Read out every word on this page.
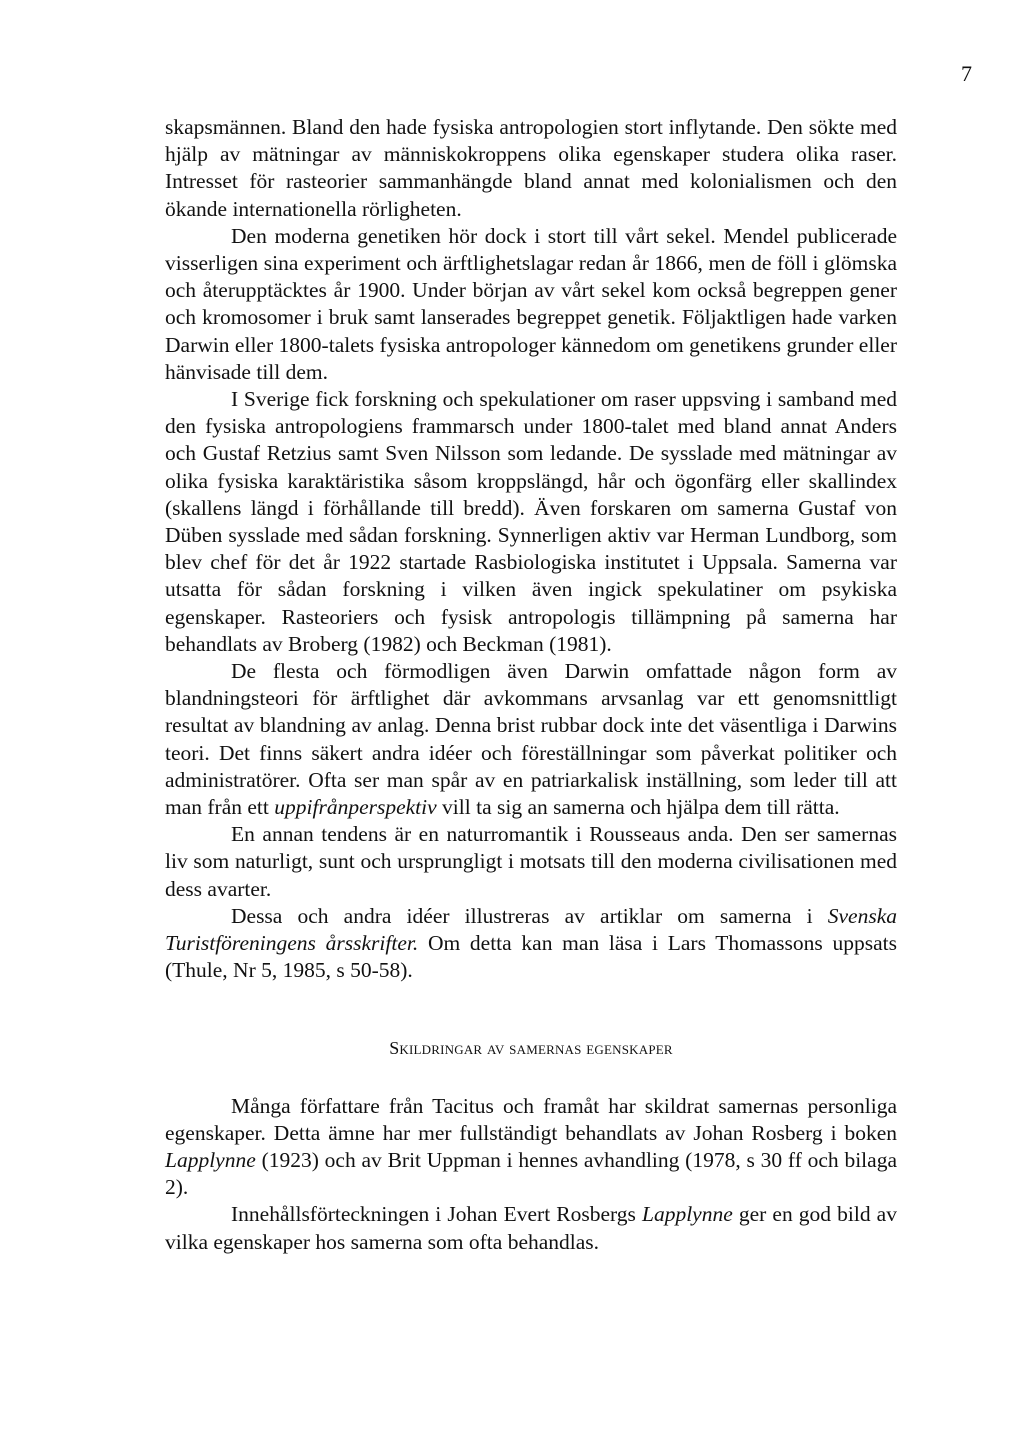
7

skapsmännen. Bland den hade fysiska antropologien stort inflytande. Den sökte med hjälp av mätningar av människokroppens olika egenskaper studera olika raser. Intresset för rasteorier sammanhängde bland annat med kolonialismen och den ökande internationella rörligheten.

Den moderna genetiken hör dock i stort till vårt sekel. Mendel publicerade visserligen sina experiment och ärftlighetslagar redan år 1866, men de föll i glömska och återupptäcktes år 1900. Under början av vårt sekel kom också begreppen gener och kromosomer i bruk samt lanserades begreppet genetik. Följaktligen hade varken Darwin eller 1800-talets fysiska antropologer kännedom om genetikens grunder eller hänvisade till dem.

I Sverige fick forskning och spekulationer om raser uppsving i samband med den fysiska antropologiens frammarsch under 1800-talet med bland annat Anders och Gustaf Retzius samt Sven Nilsson som ledande. De sysslade med mätningar av olika fysiska karaktäristika såsom kroppslängd, hår och ögonfärg eller skallindex (skallens längd i förhållande till bredd). Även forskaren om samerna Gustaf von Düben sysslade med sådan forskning. Synnerligen aktiv var Herman Lundborg, som blev chef för det år 1922 startade Rasbiologiska institutet i Uppsala. Samerna var utsatta för sådan forskning i vilken även ingick spekulatiner om psykiska egenskaper. Rasteoriers och fysisk antropologis tillämpning på samerna har behandlats av Broberg (1982) och Beckman (1981).

De flesta och förmodligen även Darwin omfattade någon form av blandningsteori för ärftlighet där avkommans arvsanlag var ett genomsnittligt resultat av blandning av anlag. Denna brist rubbar dock inte det väsentliga i Darwins teori. Det finns säkert andra idéer och föreställningar som påverkat politiker och administratörer. Ofta ser man spår av en patriarkalisk inställning, som leder till att man från ett uppifrånperspektiv vill ta sig an samerna och hjälpa dem till rätta.

En annan tendens är en naturromantik i Rousseaus anda. Den ser samernas liv som naturligt, sunt och ursprungligt i motsats till den moderna civilisationen med dess avarter.

Dessa och andra idéer illustreras av artiklar om samerna i Svenska Turistföreningens årsskrifter. Om detta kan man läsa i Lars Thomassons uppsats (Thule, Nr 5, 1985, s 50-58).

Skildringar av samernas egenskaper

Många författare från Tacitus och framåt har skildrat samernas personliga egenskaper. Detta ämne har mer fullständigt behandlats av Johan Rosberg i boken Lapplynne (1923) och av Brit Uppman i hennes avhandling (1978, s 30 ff och bilaga 2).

Innehållsförteckningen i Johan Evert Rosbergs Lapplynne ger en god bild av vilka egenskaper hos samerna som ofta behandlas.
